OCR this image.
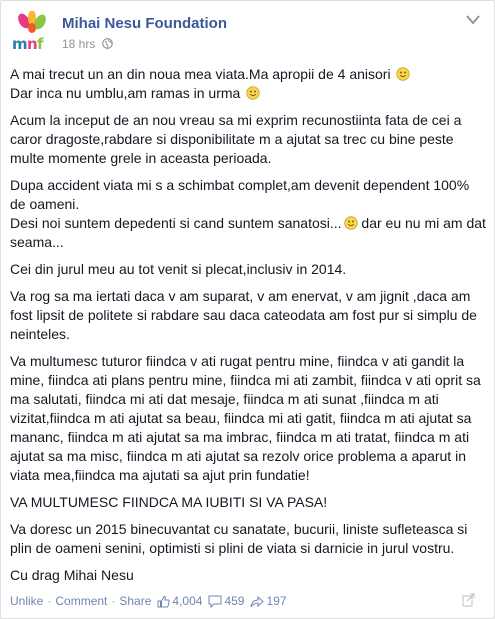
m n f
Mihai Nesu Foundation
18 hrs

A mai trecut un an din noua mea viata.Ma apropii de 4 anisori
Dar inca nu umblu,am ramas in urma

Acum la inceput de an nou vreau sa mi exprim recunostiinta fata de cei a caror dragoste,rabdare si disponibilitate m a ajutat sa trec cu bine peste multe momente grele in aceasta perioada.

Dupa accident viata mi s a schimbat complet,am devenit dependent 100% de oameni.
Desi noi suntem depedenti si cand suntem sanatosi... dar eu nu mi am dat seama...

Cei din jurul meu au tot venit si plecat,inclusiv in 2014.

Va rog sa ma iertati daca v am suparat, v am enervat, v am jignit ,daca am fost lipsit de politete si rabdare sau daca cateodata am fost pur si simplu de neinteles.

Va multumesc tuturor fiindca v ati rugat pentru mine, fiindca v ati gandit la mine, fiindca ati plans pentru mine, fiindca mi ati zambit, fiindca v ati oprit sa ma salutati, fiindca mi ati dat mesaje, fiindca m ati sunat ,fiindca m ati vizitat,fiindca m ati ajutat sa beau, fiindca mi ati gatit, fiindca m ati ajutat sa mananc, fiindca m ati ajutat sa ma imbrac, fiindca m ati tratat, fiindca m ati ajutat sa ma misc, fiindca m ati ajutat sa rezolv orice problema a aparut in viata mea,fiindca ma ajutati sa ajut prin fundatie!

VA MULTUMESC FIINDCA MA IUBITI SI VA PASA!

Va doresc un 2015 binecuvantat cu sanatate, bucurii, liniste sufleteasca si plin de oameni senini, optimisti si plini de viata si darnicie in jurul vostru.

Cu drag Mihai Nesu

Unlike · Comment · Share 4,004 459 197
